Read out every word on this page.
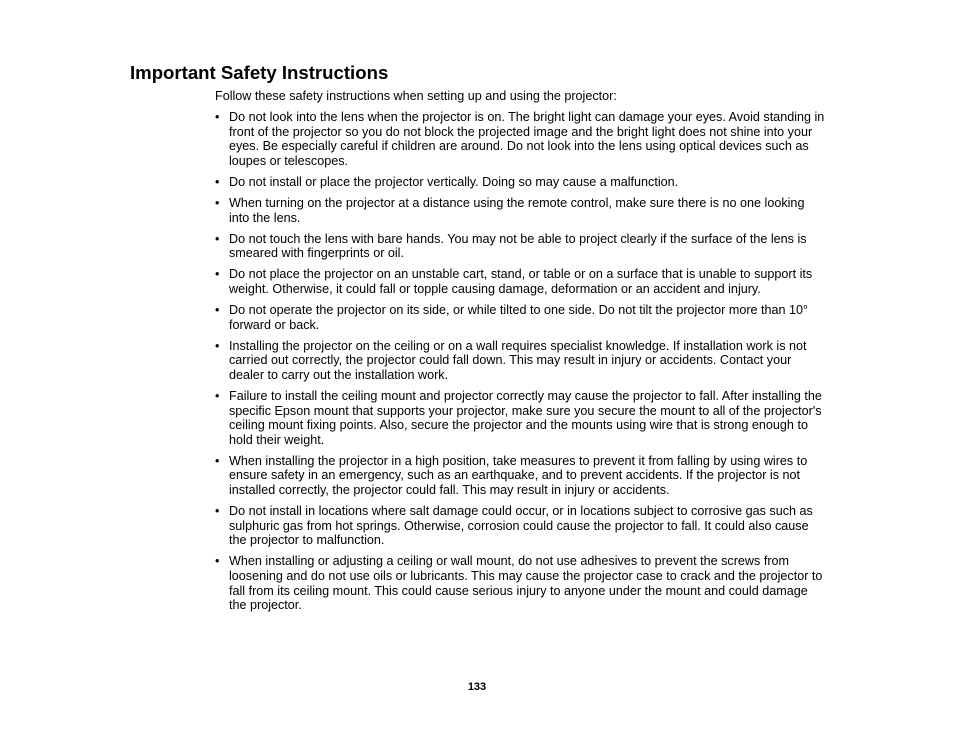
Important Safety Instructions

Follow these safety instructions when setting up and using the projector:

• Do not look into the lens when the projector is on. The bright light can damage your eyes. Avoid standing in front of the projector so you do not block the projected image and the bright light does not shine into your eyes. Be especially careful if children are around. Do not look into the lens using optical devices such as loupes or telescopes.
• Do not install or place the projector vertically. Doing so may cause a malfunction.
• When turning on the projector at a distance using the remote control, make sure there is no one looking into the lens.
• Do not touch the lens with bare hands. You may not be able to project clearly if the surface of the lens is smeared with fingerprints or oil.
• Do not place the projector on an unstable cart, stand, or table or on a surface that is unable to support its weight. Otherwise, it could fall or topple causing damage, deformation or an accident and injury.
• Do not operate the projector on its side, or while tilted to one side. Do not tilt the projector more than 10° forward or back.
• Installing the projector on the ceiling or on a wall requires specialist knowledge. If installation work is not carried out correctly, the projector could fall down. This may result in injury or accidents. Contact your dealer to carry out the installation work.
• Failure to install the ceiling mount and projector correctly may cause the projector to fall. After installing the specific Epson mount that supports your projector, make sure you secure the mount to all of the projector's ceiling mount fixing points. Also, secure the projector and the mounts using wire that is strong enough to hold their weight.
• When installing the projector in a high position, take measures to prevent it from falling by using wires to ensure safety in an emergency, such as an earthquake, and to prevent accidents. If the projector is not installed correctly, the projector could fall. This may result in injury or accidents.
• Do not install in locations where salt damage could occur, or in locations subject to corrosive gas such as sulphuric gas from hot springs. Otherwise, corrosion could cause the projector to fall. It could also cause the projector to malfunction.
• When installing or adjusting a ceiling or wall mount, do not use adhesives to prevent the screws from loosening and do not use oils or lubricants. This may cause the projector case to crack and the projector to fall from its ceiling mount. This could cause serious injury to anyone under the mount and could damage the projector.
133
